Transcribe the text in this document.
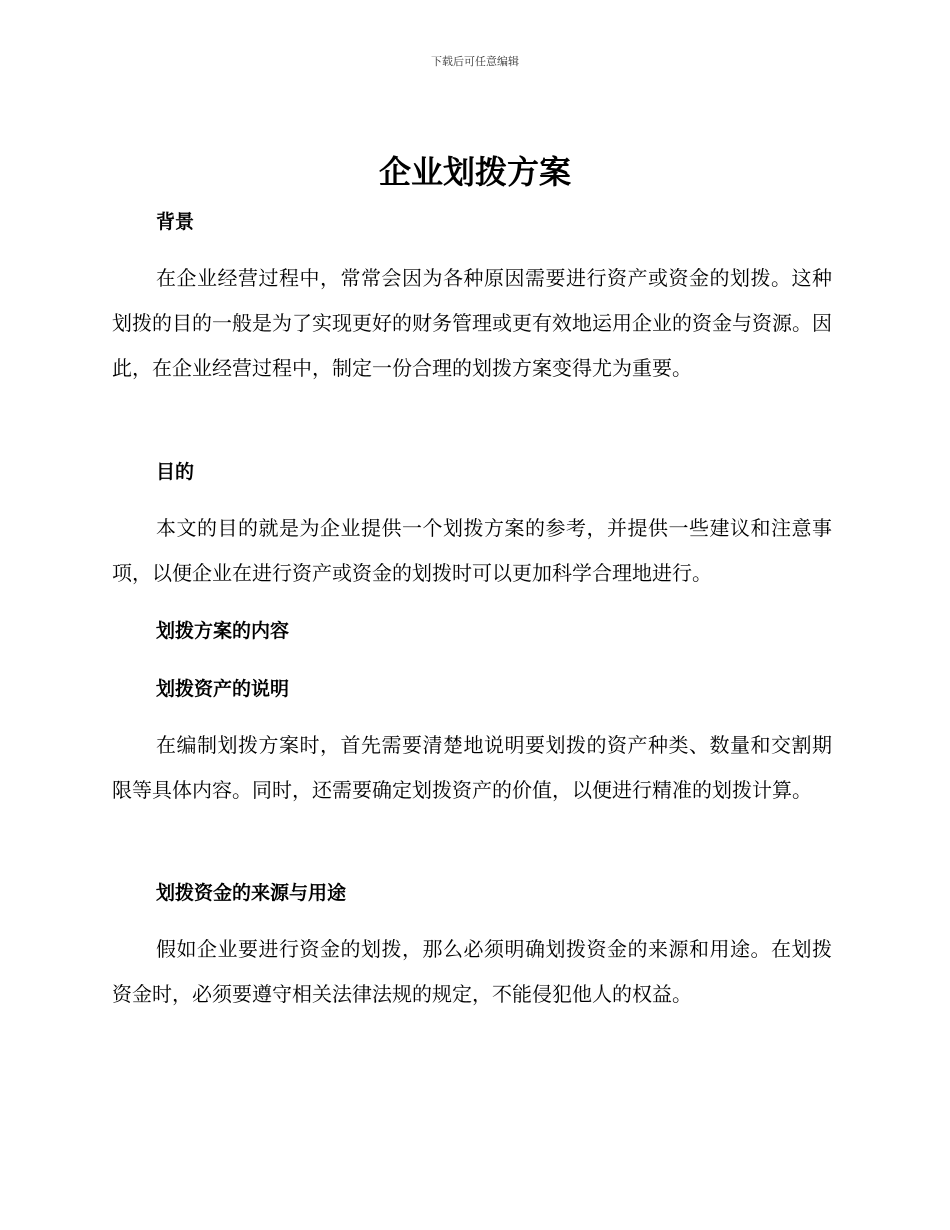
下载后可任意编辑
企业划拨方案
背景

在企业经营过程中，常常会因为各种原因需要进行资产或资金的划拨。这种划拨的目的一般是为了实现更好的财务管理或更有效地运用企业的资金与资源。因此，在企业经营过程中，制定一份合理的划拨方案变得尤为重要。

目的

本文的目的就是为企业提供一个划拨方案的参考，并提供一些建议和注意事项，以便企业在进行资产或资金的划拨时可以更加科学合理地进行。

划拨方案的内容
划拨资产的说明

在编制划拨方案时，首先需要清楚地说明要划拨的资产种类、数量和交割期限等具体内容。同时，还需要确定划拨资产的价值，以便进行精准的划拨计算。

划拨资金的来源与用途

假如企业要进行资金的划拨，那么必须明确划拨资金的来源和用途。在划拨资金时，必须要遵守相关法律法规的规定，不能侵犯他人的权益。
